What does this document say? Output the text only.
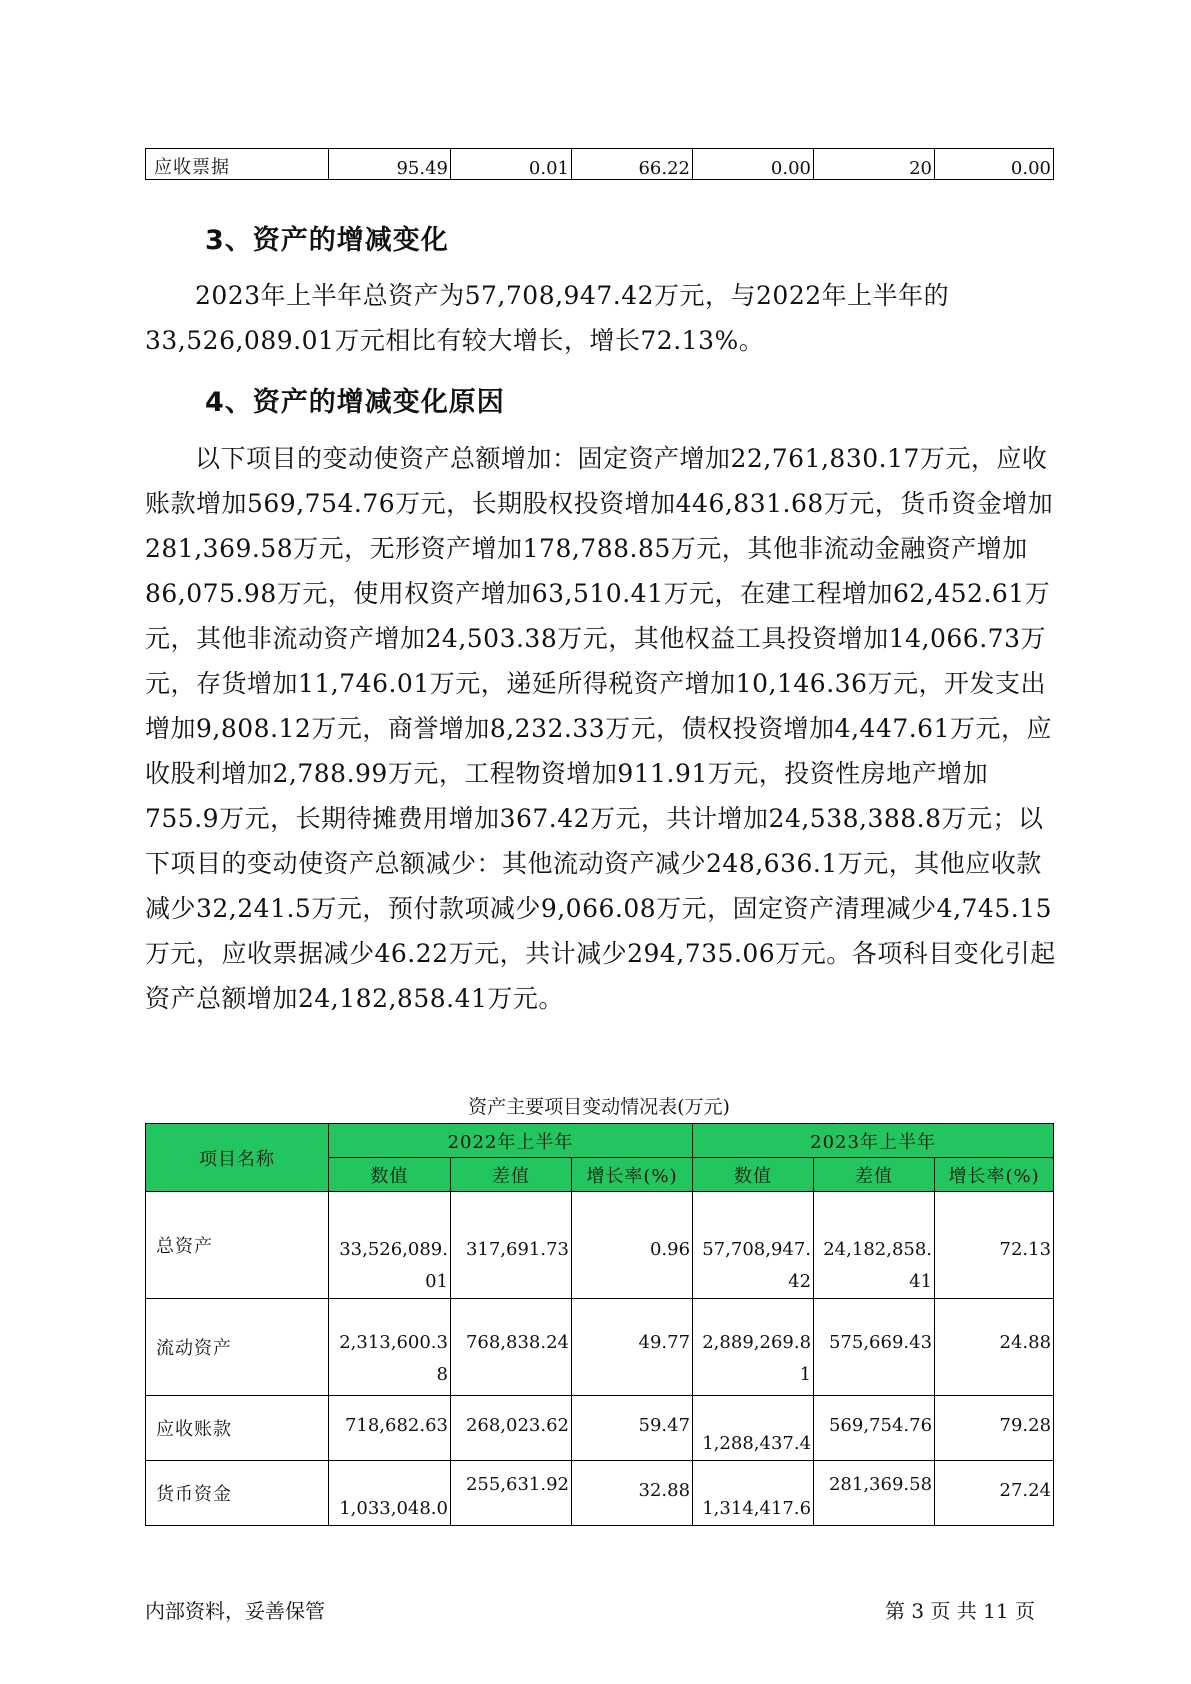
应收票据	95.49	0.01	66.22	0.00	20	0.00
3、资产的增减变化

2023年上半年总资产为57,708,947.42万元，与2022年上半年的33,526,089.01万元相比有较大增长，增长72.13%。

4、资产的增减变化原因

以下项目的变动使资产总额增加：固定资产增加22,761,830.17万元，应收账款增加569,754.76万元，长期股权投资增加446,831.68万元，货币资金增加281,369.58万元，无形资产增加178,788.85万元，其他非流动金融资产增加86,075.98万元，使用权资产增加63,510.41万元，在建工程增加62,452.61万元，其他非流动资产增加24,503.38万元，其他权益工具投资增加14,066.73万元，存货增加11,746.01万元，递延所得税资产增加10,146.36万元，开发支出增加9,808.12万元，商誉增加8,232.33万元，债权投资增加4,447.61万元，应收股利增加2,788.99万元，工程物资增加911.91万元，投资性房地产增加755.9万元，长期待摊费用增加367.42万元，共计增加24,538,388.8万元；以下项目的变动使资产总额减少：其他流动资产减少248,636.1万元，其他应收款减少32,241.5万元，预付款项减少9,066.08万元，固定资产清理减少4,745.15万元，应收票据减少46.22万元，共计减少294,735.06万元。各项科目变化引起资产总额增加24,182,858.41万元。

资产主要项目变动情况表(万元)
项目名称	2022年上半年			2023年上半年		
	数值	差值	增长率(%)	数值	差值	增长率(%)
总资产	33,526,089.01	317,691.73	0.96	57,708,947.42	24,182,858.41	72.13
流动资产	2,313,600.38	768,838.24	49.77	2,889,269.81	575,669.43	24.88
应收账款	718,682.63	268,023.62	59.47	1,288,437.4	569,754.76	79.28
货币资金	1,033,048.0	255,631.92	32.88	1,314,417.6	281,369.58	27.24
内部资料，妥善保管	第 3 页 共 11 页
